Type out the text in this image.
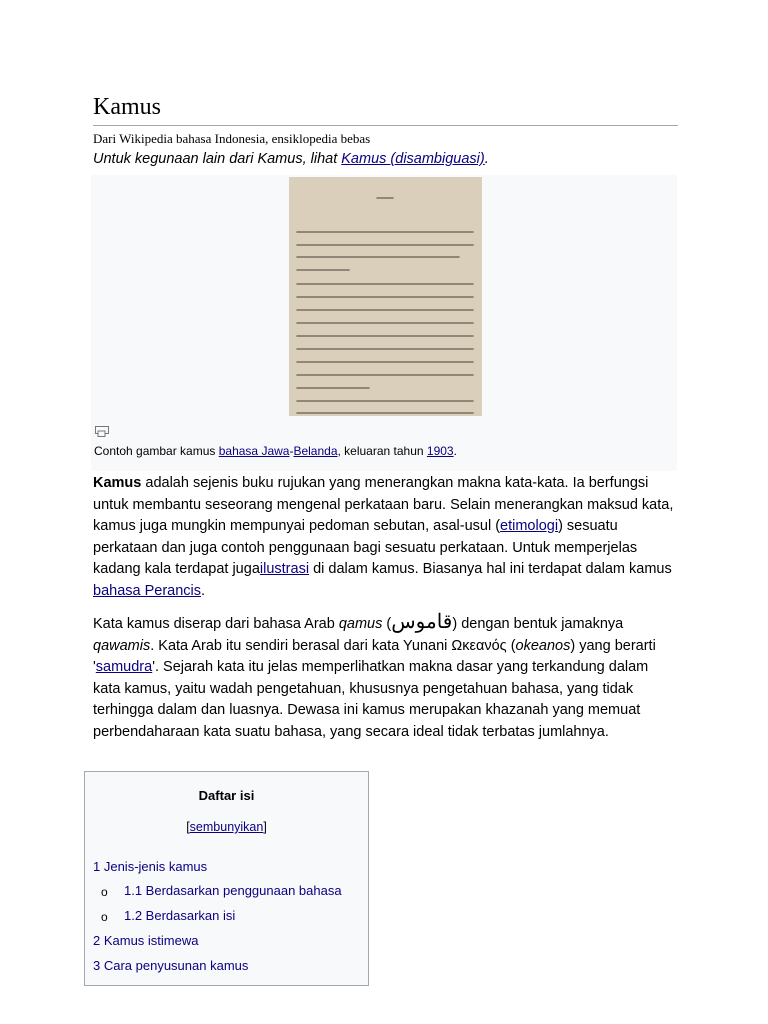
Kamus
Dari Wikipedia bahasa Indonesia, ensiklopedia bebas
Untuk kegunaan lain dari Kamus, lihat Kamus (disambiguasi).
Contoh gambar kamus bahasa Jawa-Belanda, keluaran tahun 1903.

Kamus adalah sejenis buku rujukan yang menerangkan makna kata-kata. Ia berfungsi untuk membantu seseorang mengenal perkataan baru. Selain menerangkan maksud kata, kamus juga mungkin mempunyai pedoman sebutan, asal-usul (etimologi) sesuatu perkataan dan juga contoh penggunaan bagi sesuatu perkataan. Untuk memperjelas kadang kala terdapat jugailustrasi di dalam kamus. Biasanya hal ini terdapat dalam kamus bahasa Perancis.

Kata kamus diserap dari bahasa Arab qamus (قاموس) dengan bentuk jamaknya qawamis. Kata Arab itu sendiri berasal dari kata Yunani Ωκεανός (okeanos) yang berarti 'samudra'. Sejarah kata itu jelas memperlihatkan makna dasar yang terkandung dalam kata kamus, yaitu wadah pengetahuan, khususnya pengetahuan bahasa, yang tidak terhingga dalam dan luasnya. Dewasa ini kamus merupakan khazanah yang memuat perbendaharaan kata suatu bahasa, yang secara ideal tidak terbatas jumlahnya.

Daftar isi
[sembunyikan]
1 Jenis-jenis kamus
o 1.1 Berdasarkan penggunaan bahasa
o 1.2 Berdasarkan isi
2 Kamus istimewa
3 Cara penyusunan kamus
